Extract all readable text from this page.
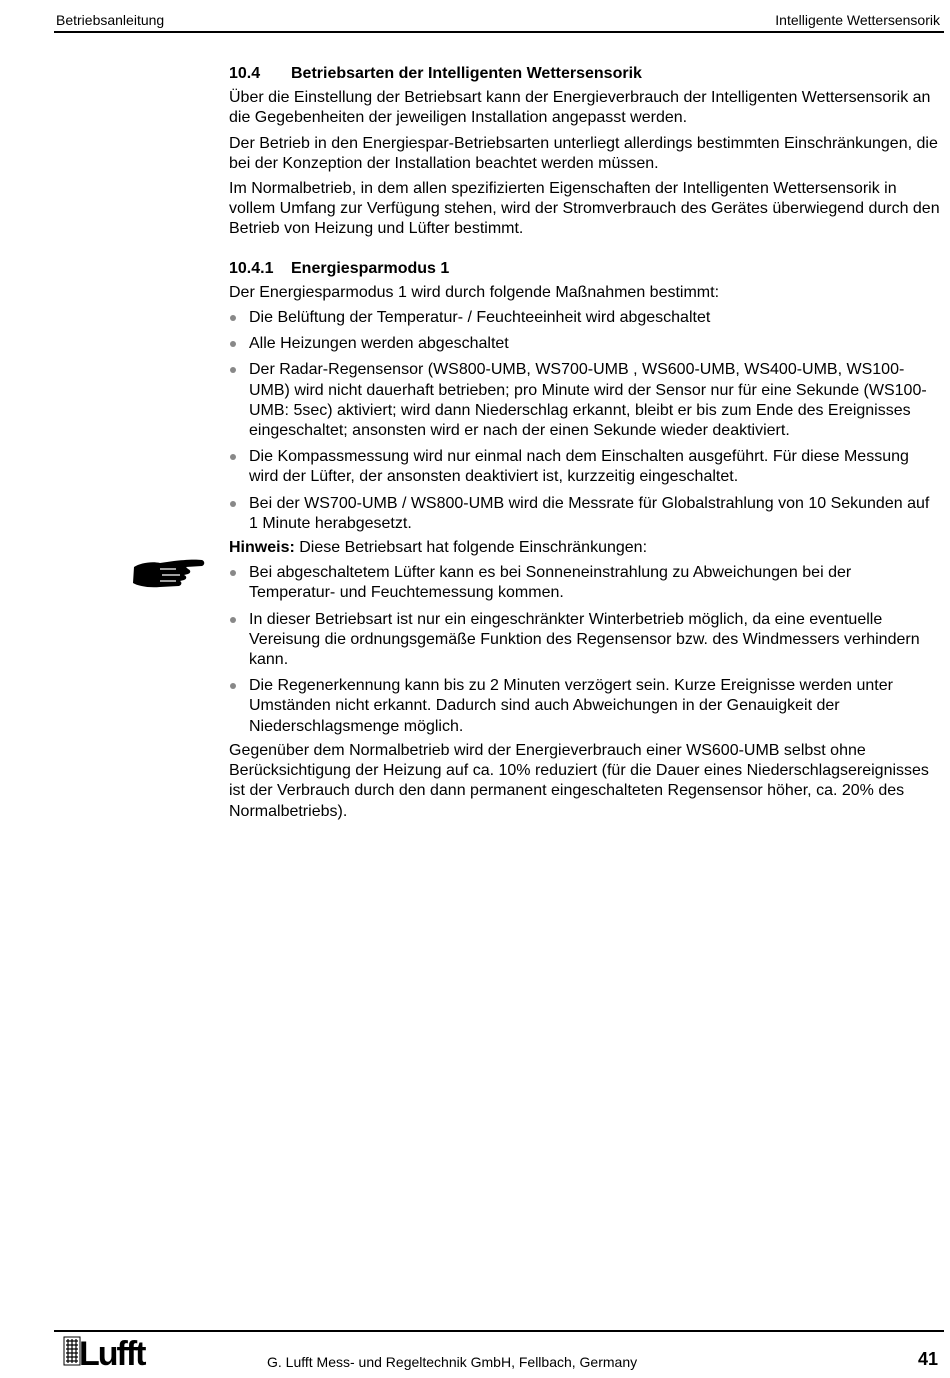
Betriebsanleitung	Intelligente Wettersensorik
10.4 Betriebsarten der Intelligenten Wettersensorik

Über die Einstellung der Betriebsart kann der Energieverbrauch der Intelligenten Wettersensorik an die Gegebenheiten der jeweiligen Installation angepasst werden.

Der Betrieb in den Energiespar-Betriebsarten unterliegt allerdings bestimmten Einschränkungen, die bei der Konzeption der Installation beachtet werden müssen.

Im Normalbetrieb, in dem allen spezifizierten Eigenschaften der Intelligenten Wettersensorik in vollem Umfang zur Verfügung stehen, wird der Stromverbrauch des Gerätes überwiegend durch den Betrieb von Heizung und Lüfter bestimmt.

10.4.1 Energiesparmodus 1

Der Energiesparmodus 1 wird durch folgende Maßnahmen bestimmt:

Die Belüftung der Temperatur- / Feuchteeinheit wird abgeschaltet
Alle Heizungen werden abgeschaltet
Der Radar-Regensensor (WS800-UMB, WS700-UMB , WS600-UMB, WS400-UMB, WS100-UMB) wird nicht dauerhaft betrieben; pro Minute wird der Sensor nur für eine Sekunde (WS100-UMB: 5sec) aktiviert; wird dann Niederschlag erkannt, bleibt er bis zum Ende des Ereignisses eingeschaltet; ansonsten wird er nach der einen Sekunde wieder deaktiviert.
Die Kompassmessung wird nur einmal nach dem Einschalten ausgeführt. Für diese Messung wird der Lüfter, der ansonsten deaktiviert ist, kurzzeitig eingeschaltet.
Bei der WS700-UMB / WS800-UMB wird die Messrate für Globalstrahlung von 10 Sekunden auf 1 Minute herabgesetzt.
Hinweis: Diese Betriebsart hat folgende Einschränkungen:
Bei abgeschaltetem Lüfter kann es bei Sonneneinstrahlung zu Abweichungen bei der Temperatur- und Feuchtemessung kommen.
In dieser Betriebsart ist nur ein eingeschränkter Winterbetrieb möglich, da eine eventuelle Vereisung die ordnungsgemäße Funktion des Regensensor bzw. des Windmessers verhindern kann.
Die Regenerkennung kann bis zu 2 Minuten verzögert sein. Kurze Ereignisse werden unter Umständen nicht erkannt. Dadurch sind auch Abweichungen in der Genauigkeit der Niederschlagsmenge möglich.

Gegenüber dem Normalbetrieb wird der Energieverbrauch einer WS600-UMB selbst ohne Berücksichtigung der Heizung auf ca. 10% reduziert (für die Dauer eines Niederschlagsereignisses ist der Verbrauch durch den dann permanent eingeschalteten Regensensor höher, ca. 20% des Normalbetriebs).

Lufft	G. Lufft Mess- und Regeltechnik GmbH, Fellbach, Germany	41
